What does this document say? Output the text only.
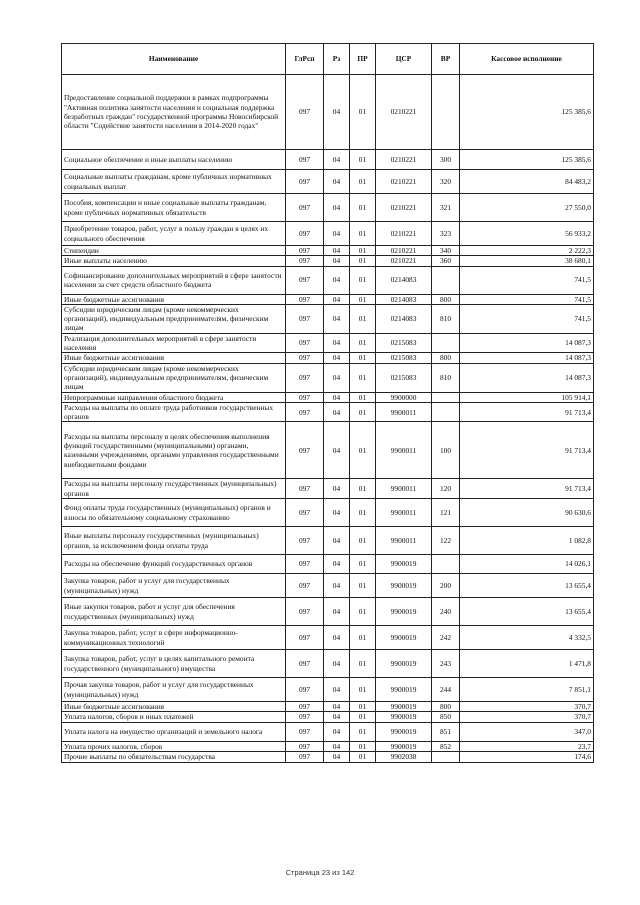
Наименование	ГлРсп	Рз	ПР	ЦСР	ВР	Кассовое исполнение
Предоставление социальной поддержки в рамках подпрограммы "Активная политика занятости населения и социальная поддержка безработных граждан" государственной программы Новосибирской области "Содействие занятости населения в 2014-2020 годах"	097	04	01	0210221		125 385,6
Социальное обеспечение и иные выплаты населению	097	04	01	0210221	300	125 385,6
Социальные выплаты гражданам, кроме публичных нормативных социальных выплат	097	04	01	0210221	320	84 483,2
Пособия, компенсации и иные социальные выплаты гражданам, кроме публичных нормативных обязательств	097	04	01	0210221	321	27 550,0
Приобретение товаров, работ, услуг в пользу граждан в целях их социального обеспечения	097	04	01	0210221	323	56 933,2
Стипендии	097	04	01	0210221	340	2 222,3
Иные выплаты населению	097	04	01	0210221	360	38 680,1
Софинансирование дополнительных мероприятий в сфере занятости населения за счет средств областного бюджета	097	04	01	0214083		741,5
Иные бюджетные ассигнования	097	04	01	0214083	800	741,5
Субсидии юридическим лицам (кроме некоммерческих организаций), индивидуальным предпринимателям, физическим лицам	097	04	01	0214083	810	741,5
Реализация дополнительных мероприятий в сфере занятости населения	097	04	01	0215083		14 087,3
Иные бюджетные ассигнования	097	04	01	0215083	800	14 087,3
Субсидии юридическим лицам (кроме некоммерческих организаций), индивидуальным предпринимателям, физическим лицам	097	04	01	0215083	810	14 087,3
Непрограммные направления областного бюджета	097	04	01	9900000		105 914,1
Расходы на выплаты по оплате труда работников государственных органов	097	04	01	9900011		91 713,4
Расходы на выплаты персоналу в целях обеспечения выполнения функций государственными (муниципальными) органами, казенными учреждениями, органами управления государственными внебюджетными фондами	097	04	01	9900011	100	91 713,4
Расходы на выплаты персоналу государственных (муниципальных) органов	097	04	01	9900011	120	91 713,4
Фонд оплаты труда государственных (муниципальных) органов и взносы по обязательному социальному страхованию	097	04	01	9900011	121	90 630,6
Иные выплаты персоналу государственных (муниципальных) органов, за исключением фонда оплаты труда	097	04	01	9900011	122	1 082,8
Расходы на обеспечение функций государственных органов	097	04	01	9900019		14 026,1
Закупка товаров, работ и услуг для государственных (муниципальных) нужд	097	04	01	9900019	200	13 655,4
Иные закупки товаров, работ и услуг для обеспечения государственных (муниципальных) нужд	097	04	01	9900019	240	13 655,4
Закупка товаров, работ, услуг в сфере информационно-коммуникационных технологий	097	04	01	9900019	242	4 332,5
Закупка товаров, работ, услуг в целях капитального ремонта государственного (муниципального) имущества	097	04	01	9900019	243	1 471,8
Прочая закупка товаров, работ и услуг для государственных (муниципальных) нужд	097	04	01	9900019	244	7 851,1
Иные бюджетные ассигнования	097	04	01	9900019	800	370,7
Уплата налогов, сборов и иных платежей	097	04	01	9900019	850	370,7
Уплата налога на имущество организаций и земельного налога	097	04	01	9900019	851	347,0
Уплата прочих налогов, сборов	097	04	01	9900019	852	23,7
Прочие выплаты по обязательствам государства	097	04	01	9902038		174,6
Страница 23 из 142
